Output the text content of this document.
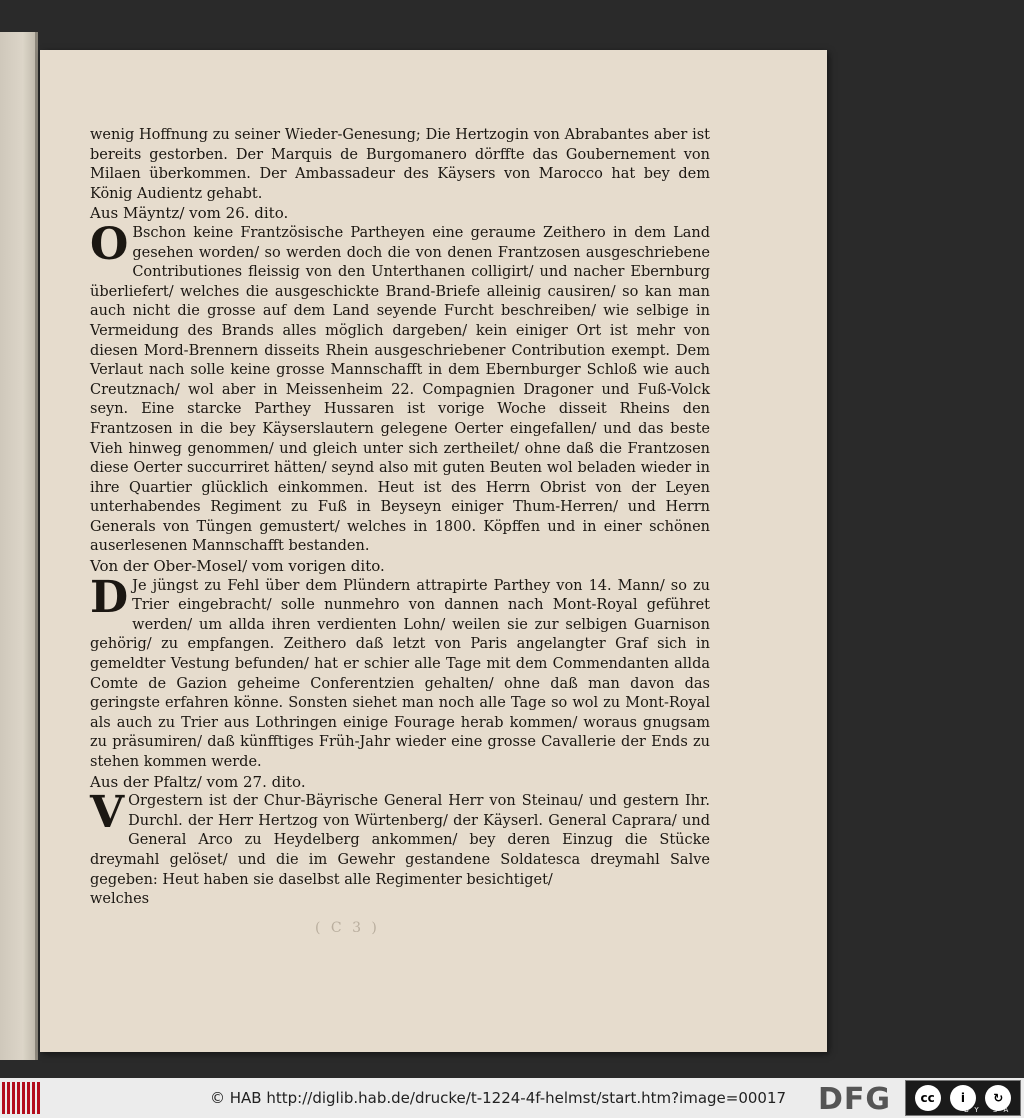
wenig Hoffnung zu seiner Wieder-Genesung; Die Hertzogin von Abrabantes aber ist bereits gestorben. Der Marquis de Burgomanero dörffte das Goubernement von Milaen überkommen. Der Ambassadeur des Käysers von Marocco hat bey dem König Audientz gehabt.

Aus Mäyntz/ vom 26. dito.

O Bschon keine Frantzösische Partheyen eine geraume Zeithero in dem Land gesehen worden/ so werden doch die von denen Frantzosen ausgeschriebene Contributiones fleissig von den Unterthanen colligirt/ und nacher Ebernburg überliefert/ welches die ausgeschickte Brand-Briefe alleinig causiren/ so kan man auch nicht die grosse auf dem Land seyende Furcht beschreiben/ wie selbige in Vermeidung des Brands alles möglich dargeben/ kein einiger Ort ist mehr von diesen Mord-Brennern disseits Rhein ausgeschriebener Contribution exempt. Dem Verlaut nach solle keine grosse Mannschafft in dem Ebernburger Schloß wie auch Creutznach/ wol aber in Meissenheim 22. Compagnien Dragoner und Fuß-Volck seyn. Eine starcke Parthey Hussaren ist vorige Woche disseit Rheins den Frantzosen in die bey Käyserslautern gelegene Oerter eingefallen/ und das beste Vieh hinweg genommen/ und gleich unter sich zertheilet/ ohne daß die Frantzosen diese Oerter succurriret hätten/ seynd also mit guten Beuten wol beladen wieder in ihre Quartier glücklich einkommen. Heut ist des Herrn Obrist von der Leyen unterhabendes Regiment zu Fuß in Beyseyn einiger Thum-Herren/ und Herrn Generals von Tüngen gemustert/ welches in 1800. Köpffen und in einer schönen auserlesenen Mannschafft bestanden.

Von der Ober-Mosel/ vom vorigen dito.

D Je jüngst zu Fehl über dem Plündern attrapirte Parthey von 14. Mann/ so zu Trier eingebracht/ solle nunmehro von dannen nach Mont-Royal geführet werden/ um allda ihren verdienten Lohn/ weilen sie zur selbigen Guarnison gehörig/ zu empfangen. Zeithero daß letzt von Paris angelangter Graf sich in gemeldter Vestung befunden/ hat er schier alle Tage mit dem Commendanten allda Comte de Gazion geheime Conferentzien gehalten/ ohne daß man davon das geringste erfahren könne. Sonsten siehet man noch alle Tage so wol zu Mont-Royal als auch zu Trier aus Lothringen einige Fourage herab kommen/ woraus gnugsam zu präsumiren/ daß künfftiges Früh-Jahr wieder eine grosse Cavallerie der Ends zu stehen kommen werde.

Aus der Pfaltz/ vom 27. dito.

V Orgestern ist der Chur-Bäyrische General Herr von Steinau/ und gestern Ihr. Durchl. der Herr Hertzog von Würtenberg/ der Käyserl. General Caprara/ und General Arco zu Heydelberg ankommen/ bey deren Einzug die Stücke dreymahl gelöset/ und die im Gewehr gestandene Soldatesca dreymahl Salve gegeben: Heut haben sie daselbst alle Regimenter besichtiget/

welches

( C 3 )
© HAB http://diglib.hab.de/drucke/t-1224-4f-helmst/start.htm?image=00017 DFG	cc	i	↻
BY SA
